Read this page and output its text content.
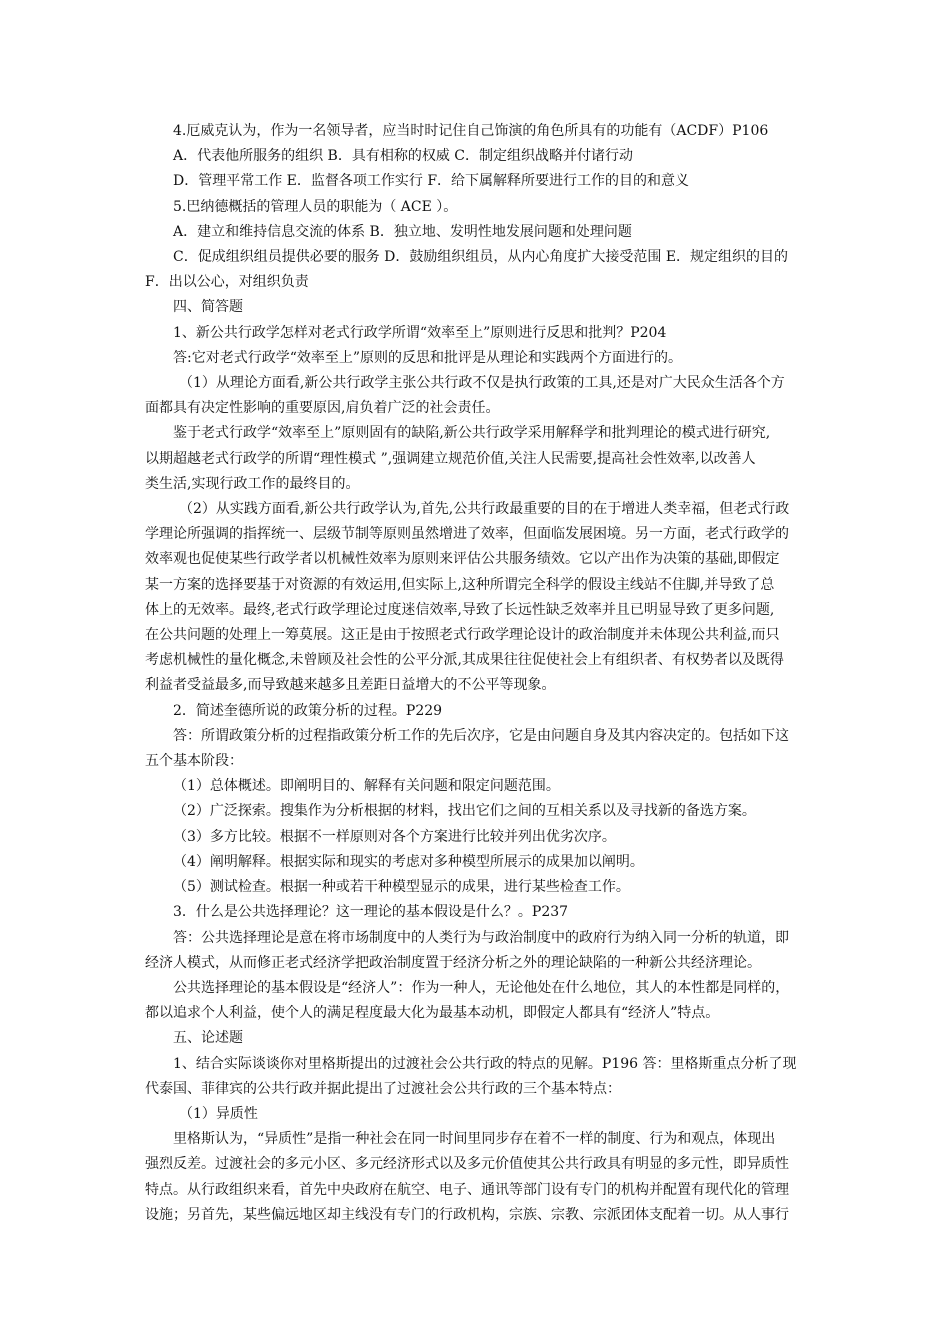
4.厄威克认为，作为一名领导者，应当时时记住自己饰演的角色所具有的功能有（ACDF）P106
A．代表他所服务的组织 B．具有相称的权威 C．制定组织战略并付诸行动
D．管理平常工作 E．监督各项工作实行 F．给下属解释所要进行工作的目的和意义
5.巴纳德概括的管理人员的职能为（ ACE ）。
A．建立和维持信息交流的体系 B．独立地、发明性地发展问题和处理问题
C．促成组织组员提供必要的服务 D．鼓励组织组员，从内心角度扩大接受范围 E．规定组织的目的
F．出以公心，对组织负责
四、简答题
1、新公共行政学怎样对老式行政学所谓“效率至上”原则进行反思和批判？P204
答:它对老式行政学“效率至上”原则的反思和批评是从理论和实践两个方面进行的。
（1）从理论方面看,新公共行政学主张公共行政不仅是执行政策的工具,还是对广大民众生活各个方
面都具有决定性影响的重要原因,肩负着广泛的社会责任。
鉴于老式行政学“效率至上”原则固有的缺陷,新公共行政学采用解释学和批判理论的模式进行研究,
以期超越老式行政学的所谓“理性模式 ”,强调建立规范价值,关注人民需要,提高社会性效率,以改善人
类生活,实现行政工作的最终目的。
（2）从实践方面看,新公共行政学认为,首先,公共行政最重要的目的在于增进人类幸福，但老式行政
学理论所强调的指挥统一、层级节制等原则虽然增进了效率，但面临发展困境。另一方面，老式行政学的
效率观也促使某些行政学者以机械性效率为原则来评估公共服务绩效。它以产出作为决策的基础,即假定
某一方案的选择要基于对资源的有效运用,但实际上,这种所谓完全科学的假设主线站不住脚,并导致了总
体上的无效率。最终,老式行政学理论过度迷信效率,导致了长远性缺乏效率并且已明显导致了更多问题,
在公共问题的处理上一筹莫展。这正是由于按照老式行政学理论设计的政治制度并未体现公共利益,而只
考虑机械性的量化概念,未曾顾及社会性的公平分派,其成果往往促使社会上有组织者、有权势者以及既得
利益者受益最多,而导致越来越多且差距日益增大的不公平等现象。
2．简述奎德所说的政策分析的过程。P229
答：所谓政策分析的过程指政策分析工作的先后次序，它是由问题自身及其内容决定的。包括如下这
五个基本阶段：
（1）总体概述。即阐明目的、解释有关问题和限定问题范围。
（2）广泛探索。搜集作为分析根据的材料，找出它们之间的互相关系以及寻找新的备选方案。
（3）多方比较。根据不一样原则对各个方案进行比较并列出优劣次序。
（4）阐明解释。根据实际和现实的考虑对多种模型所展示的成果加以阐明。
（5）测试检查。根据一种或若干种模型显示的成果，进行某些检查工作。
3．什么是公共选择理论？这一理论的基本假设是什么？。P237
答：公共选择理论是意在将市场制度中的人类行为与政治制度中的政府行为纳入同一分析的轨道，即
经济人模式，从而修正老式经济学把政治制度置于经济分析之外的理论缺陷的一种新公共经济理论。
公共选择理论的基本假设是“经济人”：作为一种人，无论他处在什么地位，其人的本性都是同样的，
都以追求个人利益，使个人的满足程度最大化为最基本动机，即假定人都具有“经济人”特点。
五、论述题
1、结合实际谈谈你对里格斯提出的过渡社会公共行政的特点的见解。P196 答：里格斯重点分析了现
代泰国、菲律宾的公共行政并据此提出了过渡社会公共行政的三个基本特点：
（1）异质性
里格斯认为，“异质性”是指一种社会在同一时间里同步存在着不一样的制度、行为和观点，体现出
强烈反差。过渡社会的多元小区、多元经济形式以及多元价值使其公共行政具有明显的多元性，即异质性
特点。从行政组织来看，首先中央政府在航空、电子、通讯等部门设有专门的机构并配置有现代化的管理
设施；另首先，某些偏远地区却主线没有专门的行政机构，宗族、宗教、宗派团体支配着一切。从人事行
